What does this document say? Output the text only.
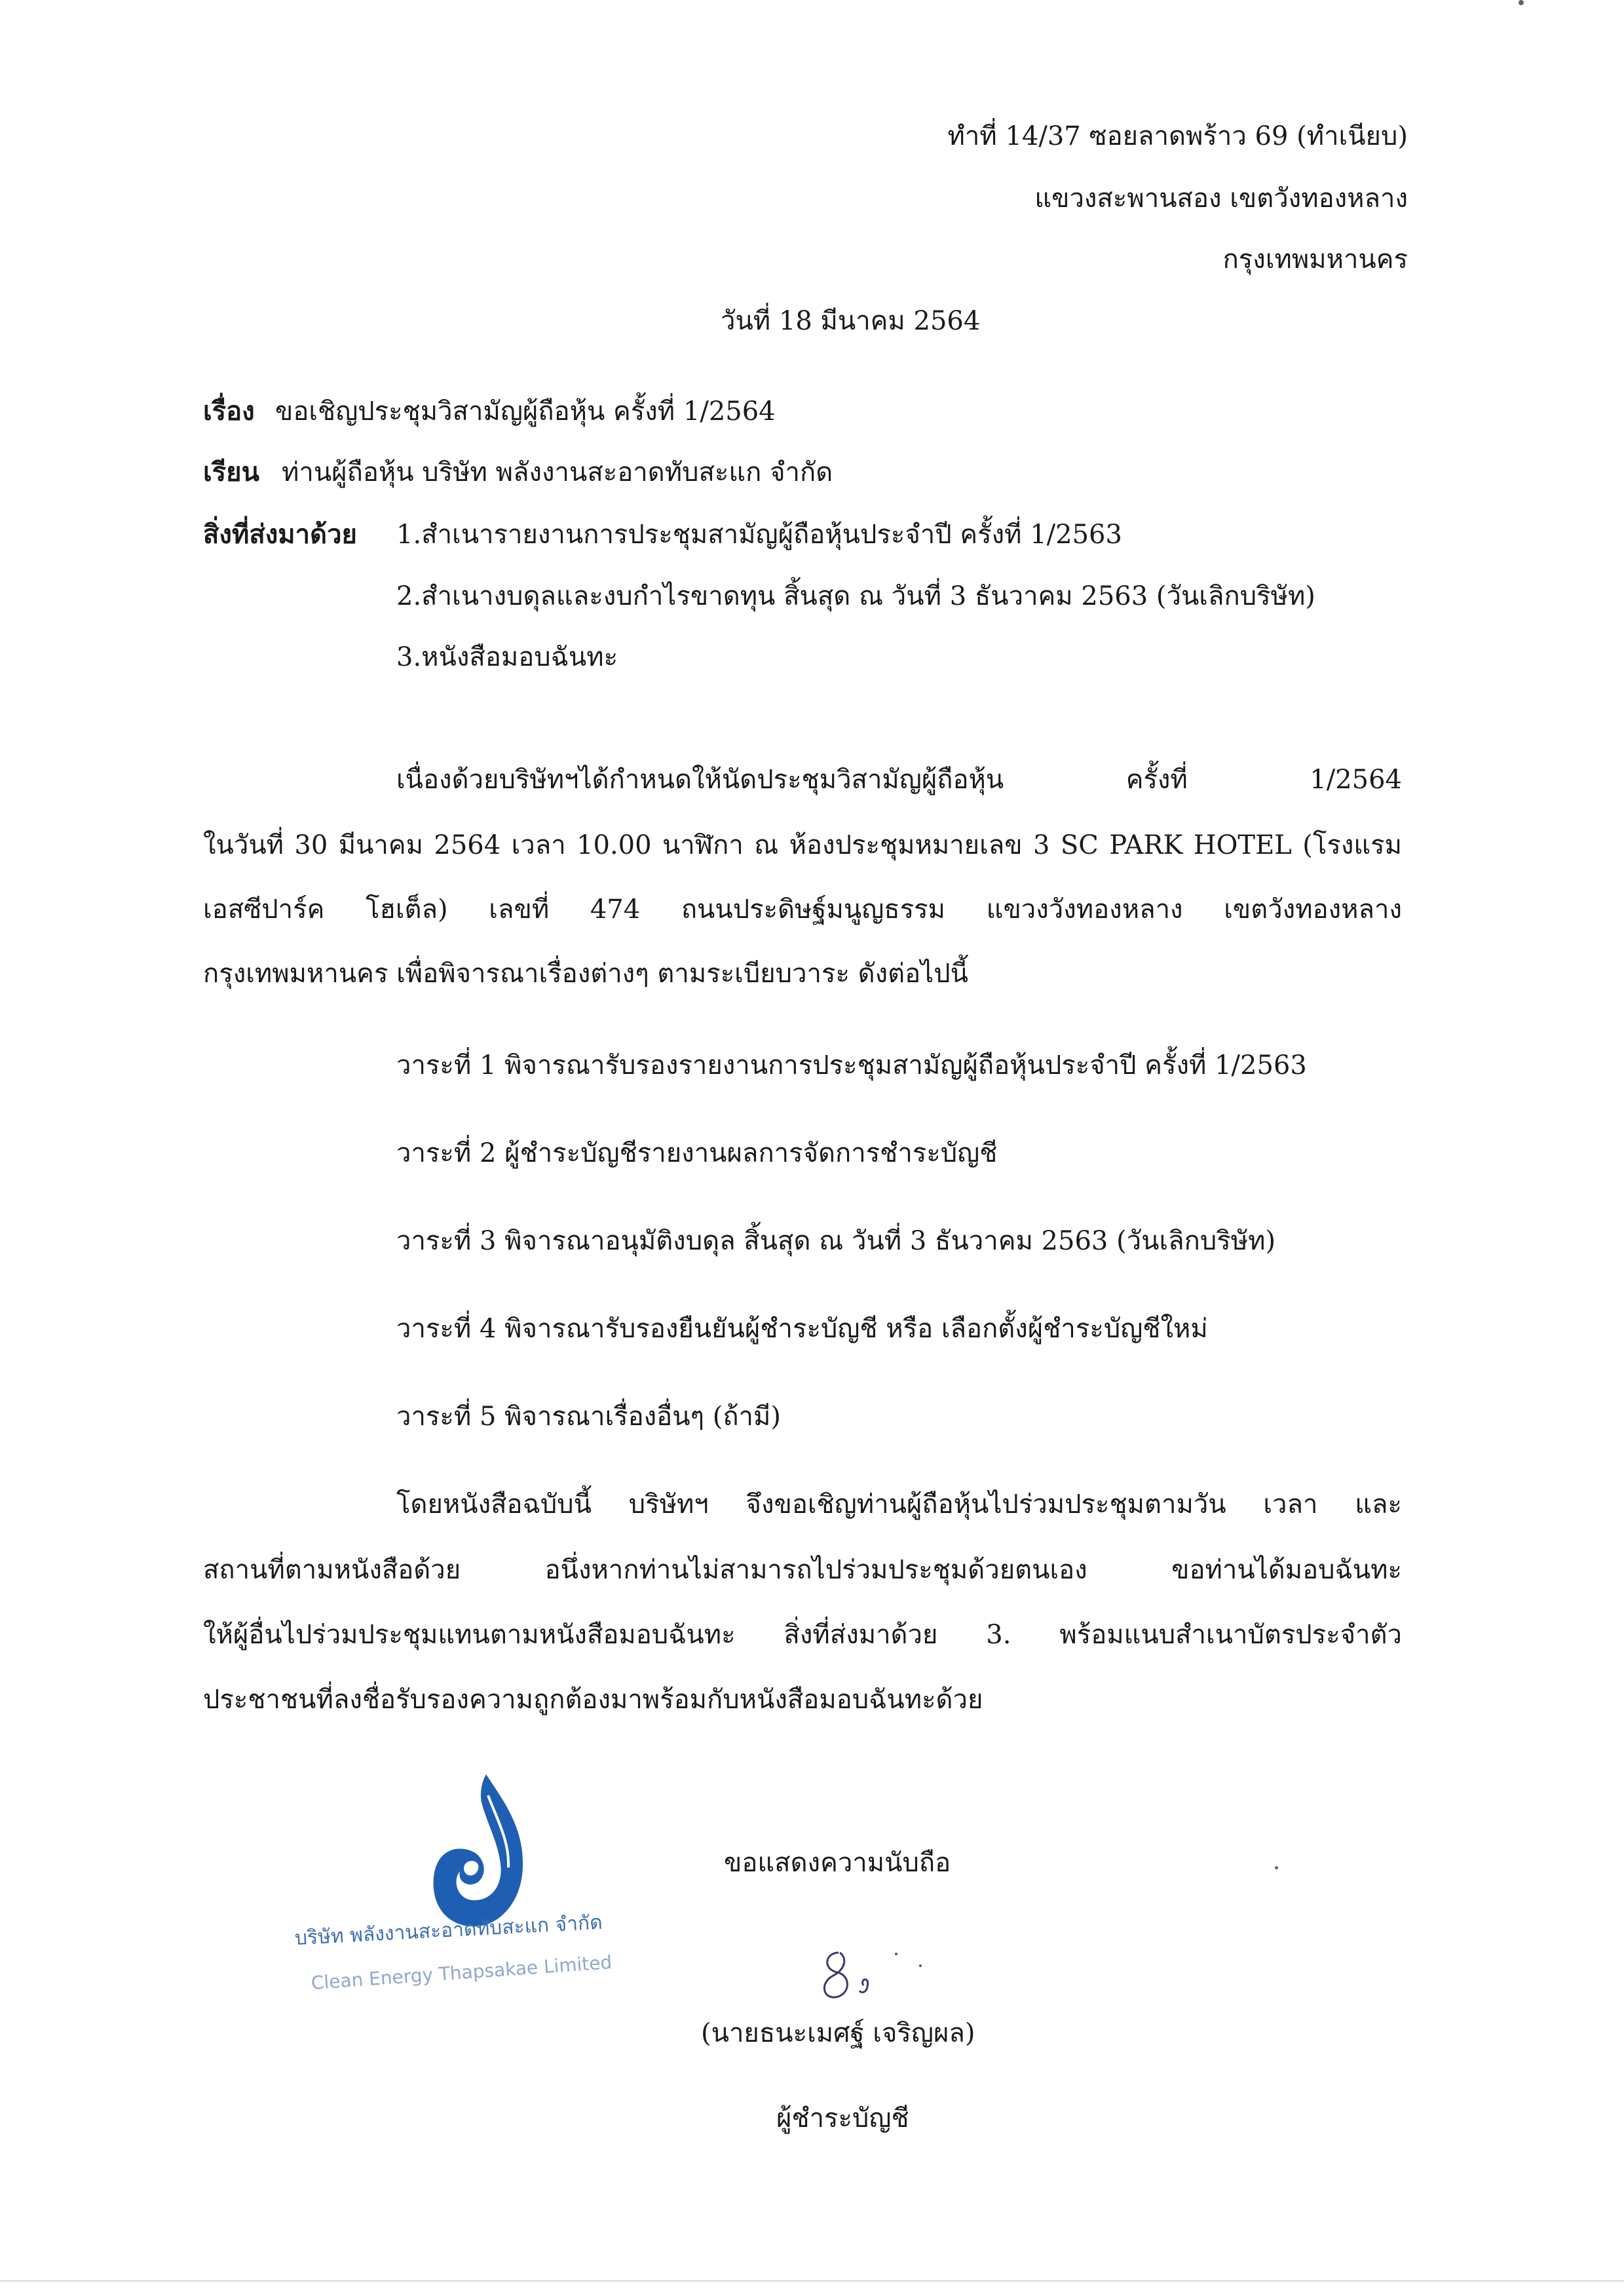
ทำที่ 14/37 ซอยลาดพร้าว 69 (ทำเนียบ)
แขวงสะพานสอง เขตวังทองหลาง
กรุงเทพมหานคร
วันที่ 18 มีนาคม 2564
เรื่อง ขอเชิญประชุมวิสามัญผู้ถือหุ้น ครั้งที่ 1/2564
เรียน ท่านผู้ถือหุ้น บริษัท พลังงานสะอาดทับสะแก จำกัด
สิ่งที่ส่งมาด้วย 1.สำเนารายงานการประชุมสามัญผู้ถือหุ้นประจำปี ครั้งที่ 1/2563
2.สำเนางบดุลและงบกำไรขาดทุน สิ้นสุด ณ วันที่ 3 ธันวาคม 2563 (วันเลิกบริษัท)
3.หนังสือมอบฉันทะ
เนื่องด้วยบริษัทฯได้กำหนดให้นัดประชุมวิสามัญผู้ถือหุ้น ครั้งที่ 1/2564
ในวันที่ 30 มีนาคม 2564 เวลา 10.00 นาฬิกา ณ ห้องประชุมหมายเลข 3 SC PARK HOTEL (โรงแรม
เอสซีปาร์ค โฮเต็ล) เลขที่ 474 ถนนประดิษฐ์มนูญธรรม แขวงวังทองหลาง เขตวังทองหลาง
กรุงเทพมหานคร เพื่อพิจารณาเรื่องต่างๆ ตามระเบียบวาระ ดังต่อไปนี้
วาระที่ 1 พิจารณารับรองรายงานการประชุมสามัญผู้ถือหุ้นประจำปี ครั้งที่ 1/2563
วาระที่ 2 ผู้ชำระบัญชีรายงานผลการจัดการชำระบัญชี
วาระที่ 3 พิจารณาอนุมัติงบดุล สิ้นสุด ณ วันที่ 3 ธันวาคม 2563 (วันเลิกบริษัท)
วาระที่ 4 พิจารณารับรองยืนยันผู้ชำระบัญชี หรือ เลือกตั้งผู้ชำระบัญชีใหม่
วาระที่ 5 พิจารณาเรื่องอื่นๆ (ถ้ามี)
โดยหนังสือฉบับนี้ บริษัทฯ จึงขอเชิญท่านผู้ถือหุ้นไปร่วมประชุมตามวัน เวลา และ
สถานที่ตามหนังสือด้วย อนึ่งหากท่านไม่สามารถไปร่วมประชุมด้วยตนเอง ขอท่านได้มอบฉันทะ
ให้ผู้อื่นไปร่วมประชุมแทนตามหนังสือมอบฉันทะ สิ่งที่ส่งมาด้วย 3. พร้อมแนบสำเนาบัตรประจำตัว
ประชาชนที่ลงชื่อรับรองความถูกต้องมาพร้อมกับหนังสือมอบฉันทะด้วย
บริษัท พลังงานสะอาดทับสะแก จำกัด
Clean Energy Thapsakae Limited
ขอแสดงความนับถือ
(นายธนะเมศฐ์ เจริญผล)
ผู้ชำระบัญชี
